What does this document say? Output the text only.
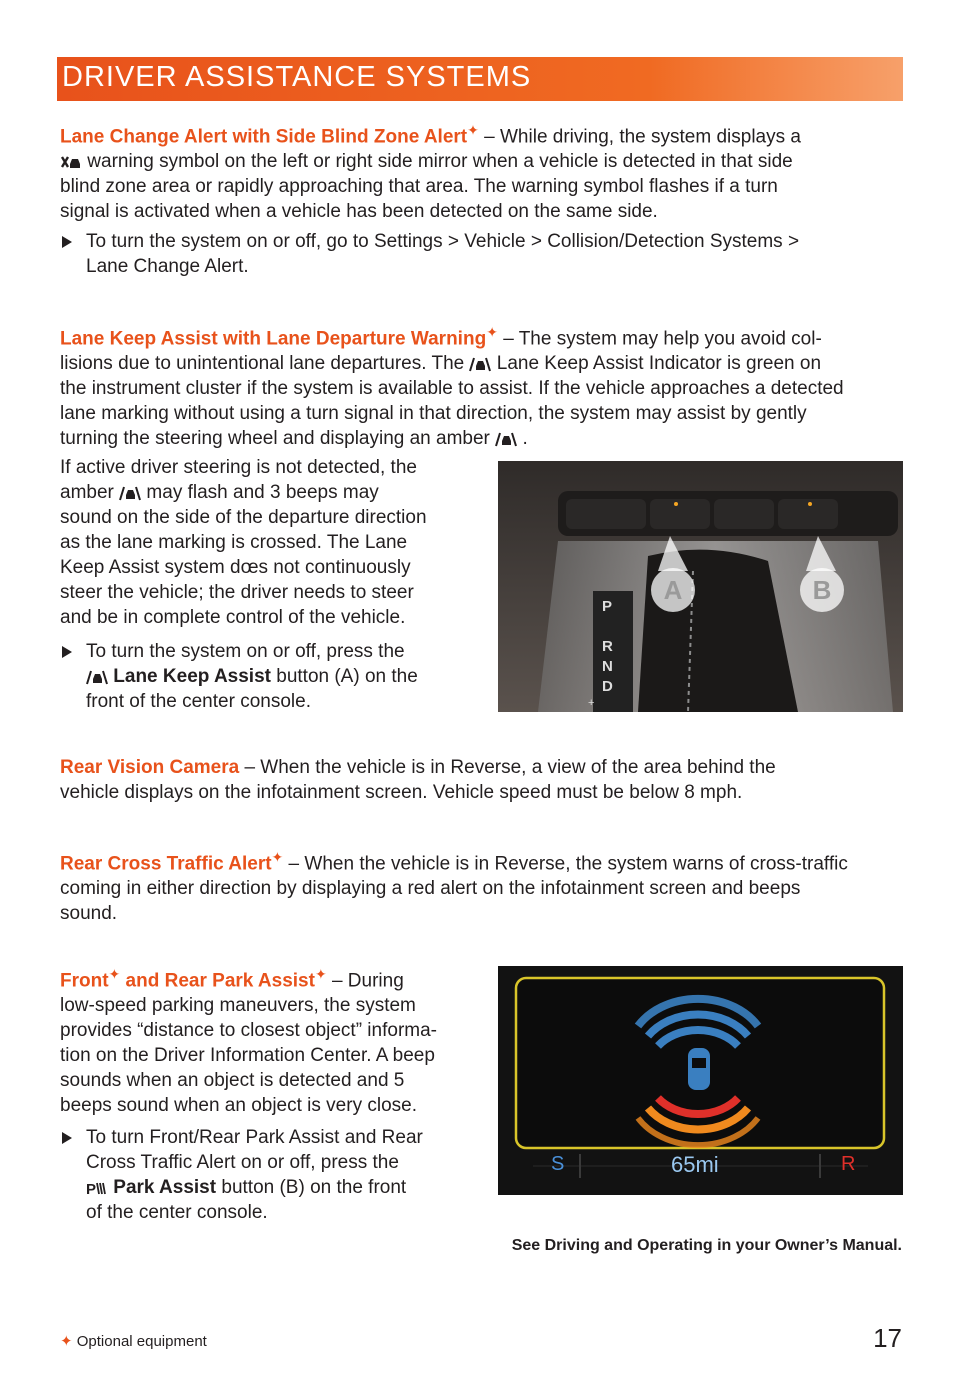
DRIVER ASSISTANCE SYSTEMS
Lane Change Alert with Side Blind Zone Alert✦ – While driving, the system displays a
warning symbol on the left or right side mirror when a vehicle is detected in that side
blind zone area or rapidly approaching that area. The warning symbol flashes if a turn
signal is activated when a vehicle has been detected on the same side.
To turn the system on or off, go to Settings > Vehicle > Collision/Detection Systems >
Lane Change Alert.
Lane Keep Assist with Lane Departure Warning✦ – The system may help you avoid col-
lisions due to unintentional lane departures. The  Lane Keep Assist Indicator is green on
the instrument cluster if the system is available to assist. If the vehicle approaches a detected
lane marking without using a turn signal in that direction, the system may assist by gently
turning the steering wheel and displaying an amber  .
If active driver steering is not detected, the
amber  may flash and 3 beeps may
sound on the side of the departure direction
as the lane marking is crossed. The Lane
Keep Assist system dœs not continuously
steer the vehicle; the driver needs to steer
and be in complete control of the vehicle.
To turn the system on or off, press the
Lane Keep Assist button (A) on the
front of the center console.
P
R
N
D
+
A	B
Rear Vision Camera – When the vehicle is in Reverse, a view of the area behind the
vehicle displays on the infotainment screen. Vehicle speed must be below 8 mph.
Rear Cross Traffic Alert✦ – When the vehicle is in Reverse, the system warns of cross-traffic
coming in either direction by displaying a red alert on the infotainment screen and beeps
sound.
Front✦ and Rear Park Assist✦ – During
low-speed parking maneuvers, the system
provides “distance to closest object” informa-
tion on the Driver Information Center. A beep
sounds when an object is detected and 5
beeps sound when an object is very close.
To turn Front/Rear Park Assist and Rear
Cross Traffic Alert on or off, press the
P Park Assist button (B) on the front
of the center console.
S	65mi	R
See Driving and Operating in your Owner’s Manual.
✦ Optional equipment	17
